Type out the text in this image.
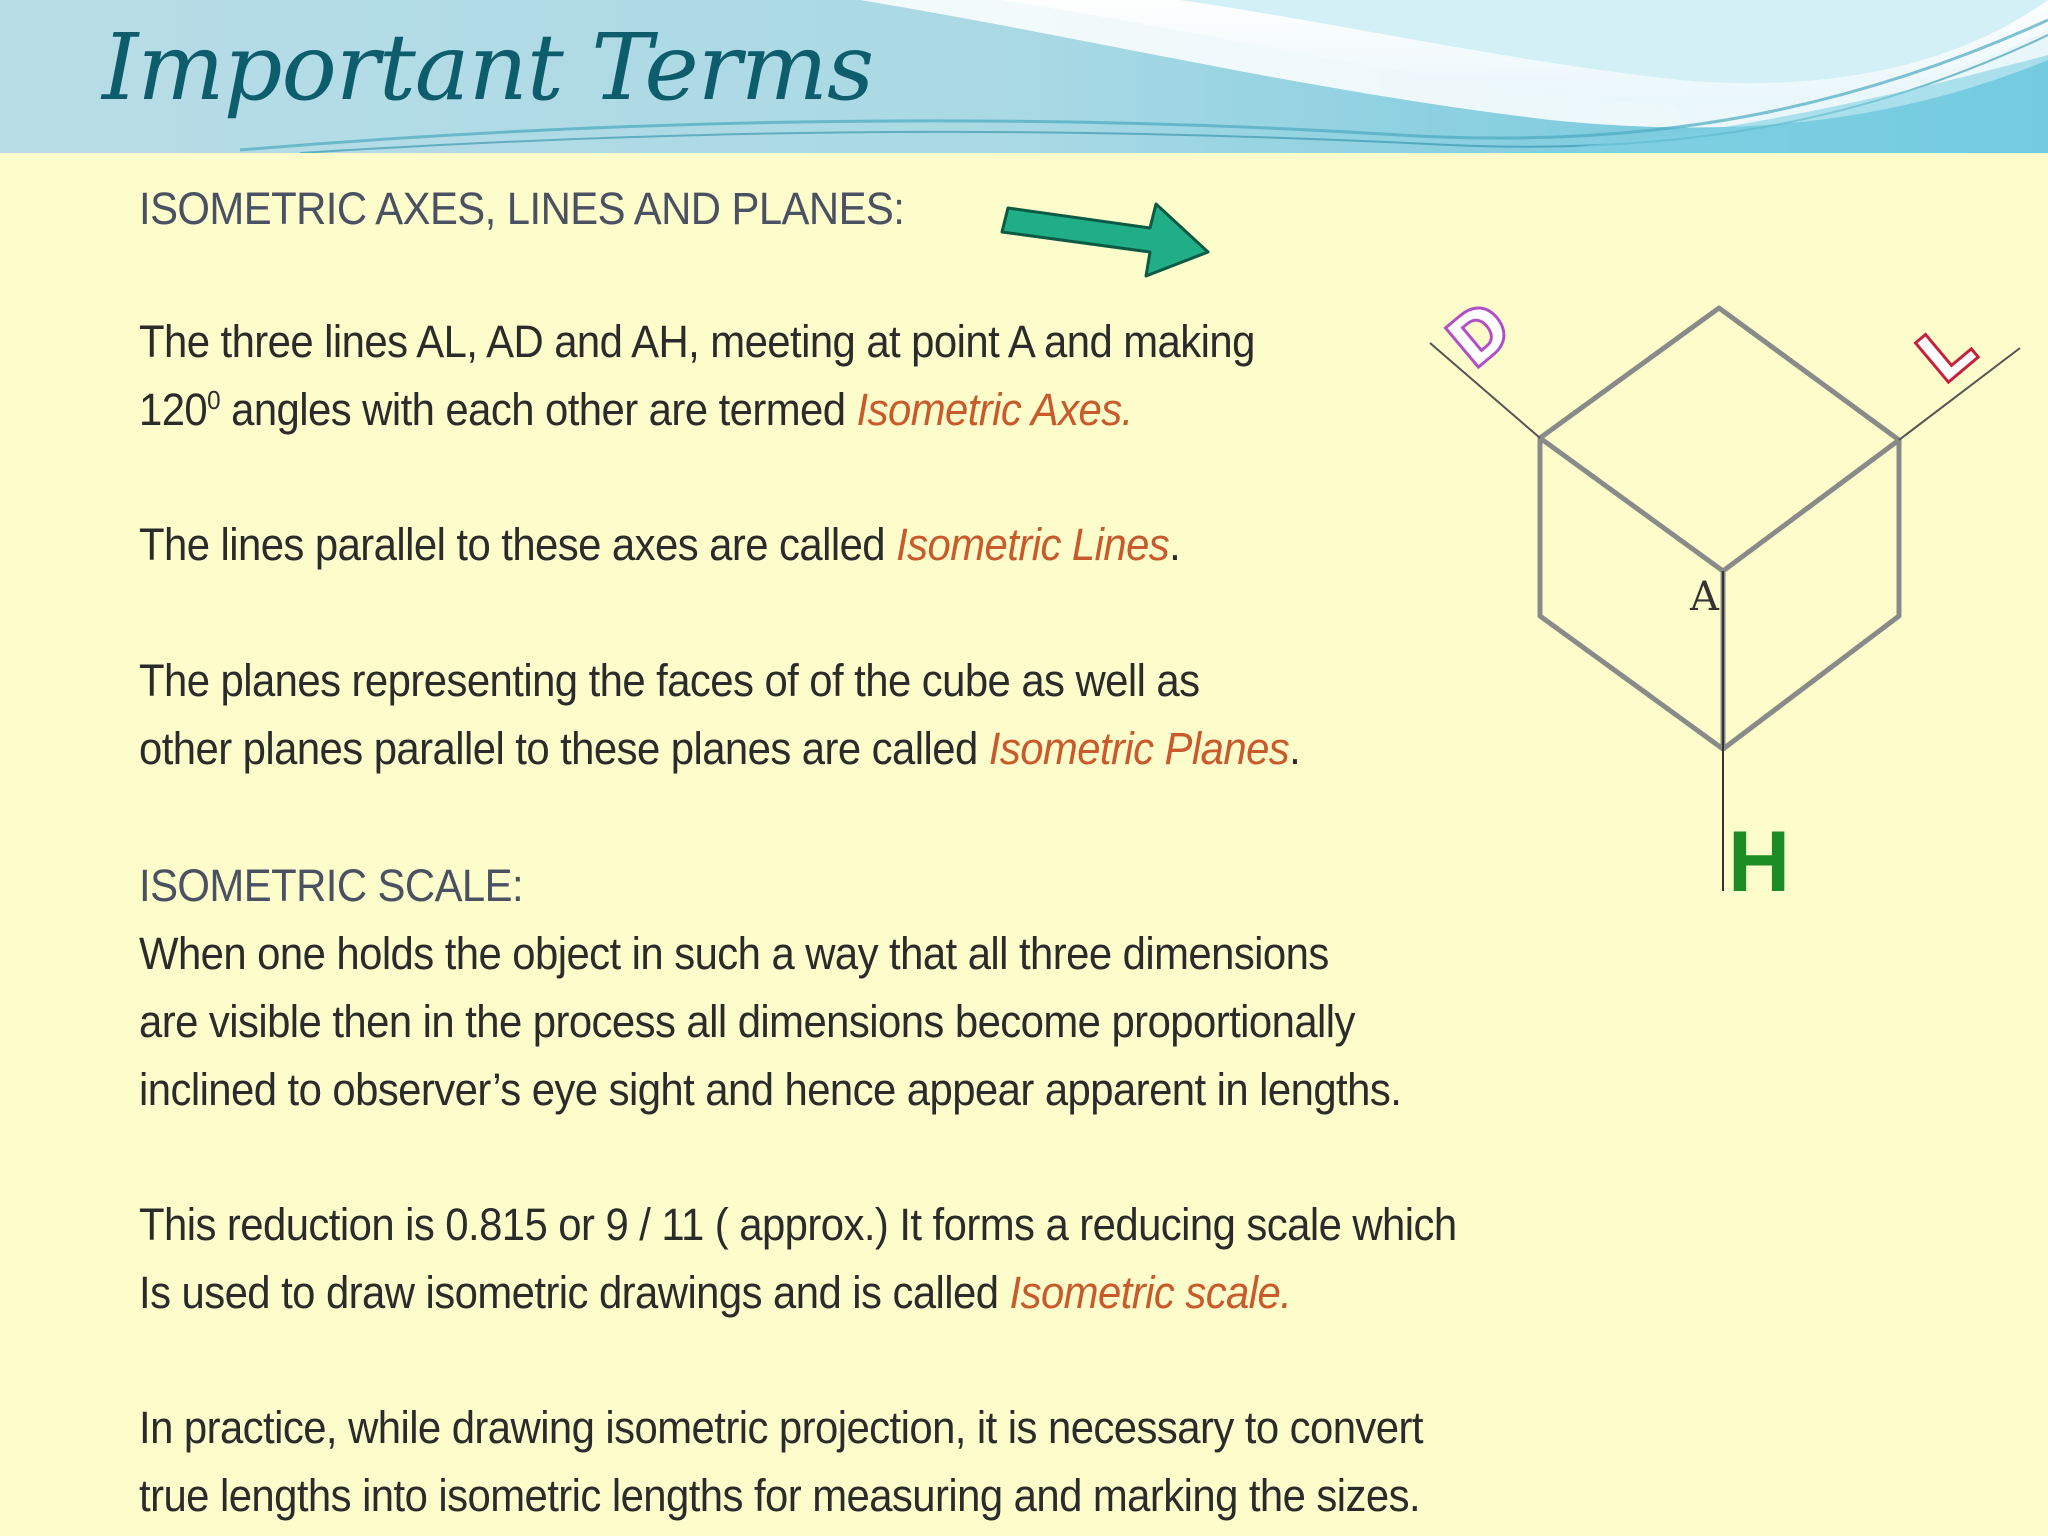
Important Terms

ISOMETRIC AXES, LINES AND PLANES:

The three lines AL, AD and AH, meeting at point A and making
$120^0$ angles with each other are termed Isometric Axes.
The lines parallel to these axes are called Isometric Lines.
The planes representing the faces of of the cube as well as
other planes parallel to these planes are called Isometric Planes.

ISOMETRIC SCALE:

When one holds the object in such a way that all three dimensions
are visible then in the process all dimensions become proportionally
inclined to observer’s eye sight and hence appear apparent in lengths.
This reduction is 0.815 or 9 / 11 ( approx.) It forms a reducing scale which
Is used to draw isometric drawings and is called Isometric scale.
In practice, while drawing isometric projection, it is necessary to convert
true lengths into isometric lengths for measuring and marking the sizes.
A
D	L
H
